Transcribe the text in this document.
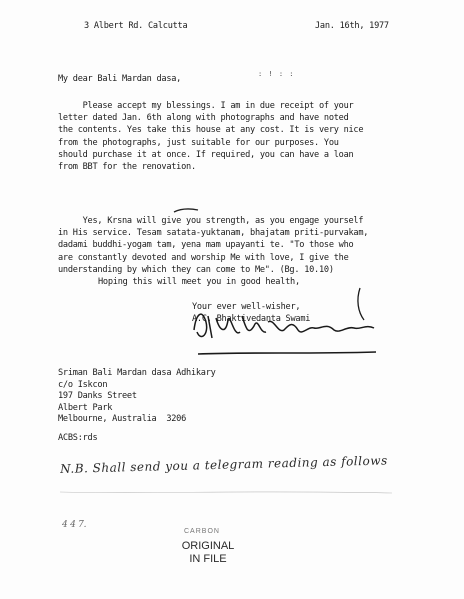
3 Albert Rd. Calcutta	Jan. 16th, 1977
: ! : :
My dear Bali Mardan dasa,
Please accept my blessings. I am in due receipt of your
letter dated Jan. 6th along with photographs and have noted
the contents. Yes take this house at any cost. It is very nice
from the photographs, just suitable for our purposes. You
should purchase it at once. If required, you can have a loan
from BBT for the renovation.
Yes, Krsna will give you strength, as you engage yourself
in His service. Tesam satata-yuktanam, bhajatam priti-purvakam,
dadami buddhi-yogam tam, yena mam upayanti te. "To those who
are constantly devoted and worship Me with love, I give the
understanding by which they can come to Me". (Bg. 10.10)
Hoping this will meet you in good health,
Your ever well-wisher,
A.C. Bhaktivedanta Swami
Sriman Bali Mardan dasa Adhikary
c/o Iskcon
197 Danks Street
Albert Park
Melbourne, Australia  3206
ACBS:rds
N.B. Shall send you a telegram reading as follows
4 4 7.
CARBON
ORIGINAL
IN FILE
